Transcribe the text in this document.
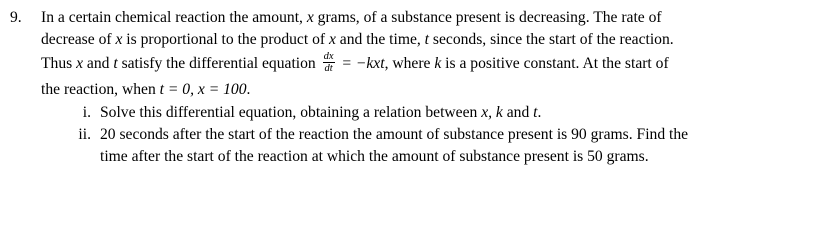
9. In a certain chemical reaction the amount, x grams, of a substance present is decreasing. The rate of
decrease of x is proportional to the product of x and the time, t seconds, since the start of the reaction.
Thus x and t satisfy the differential equation $\frac{dx}{dt} = -kxt$, where k is a positive constant. At the start of
the reaction, when t = 0, x = 100.
i. Solve this differential equation, obtaining a relation between x, k and t.
ii. 20 seconds after the start of the reaction the amount of substance present is 90 grams. Find the
time after the start of the reaction at which the amount of substance present is 50 grams.
